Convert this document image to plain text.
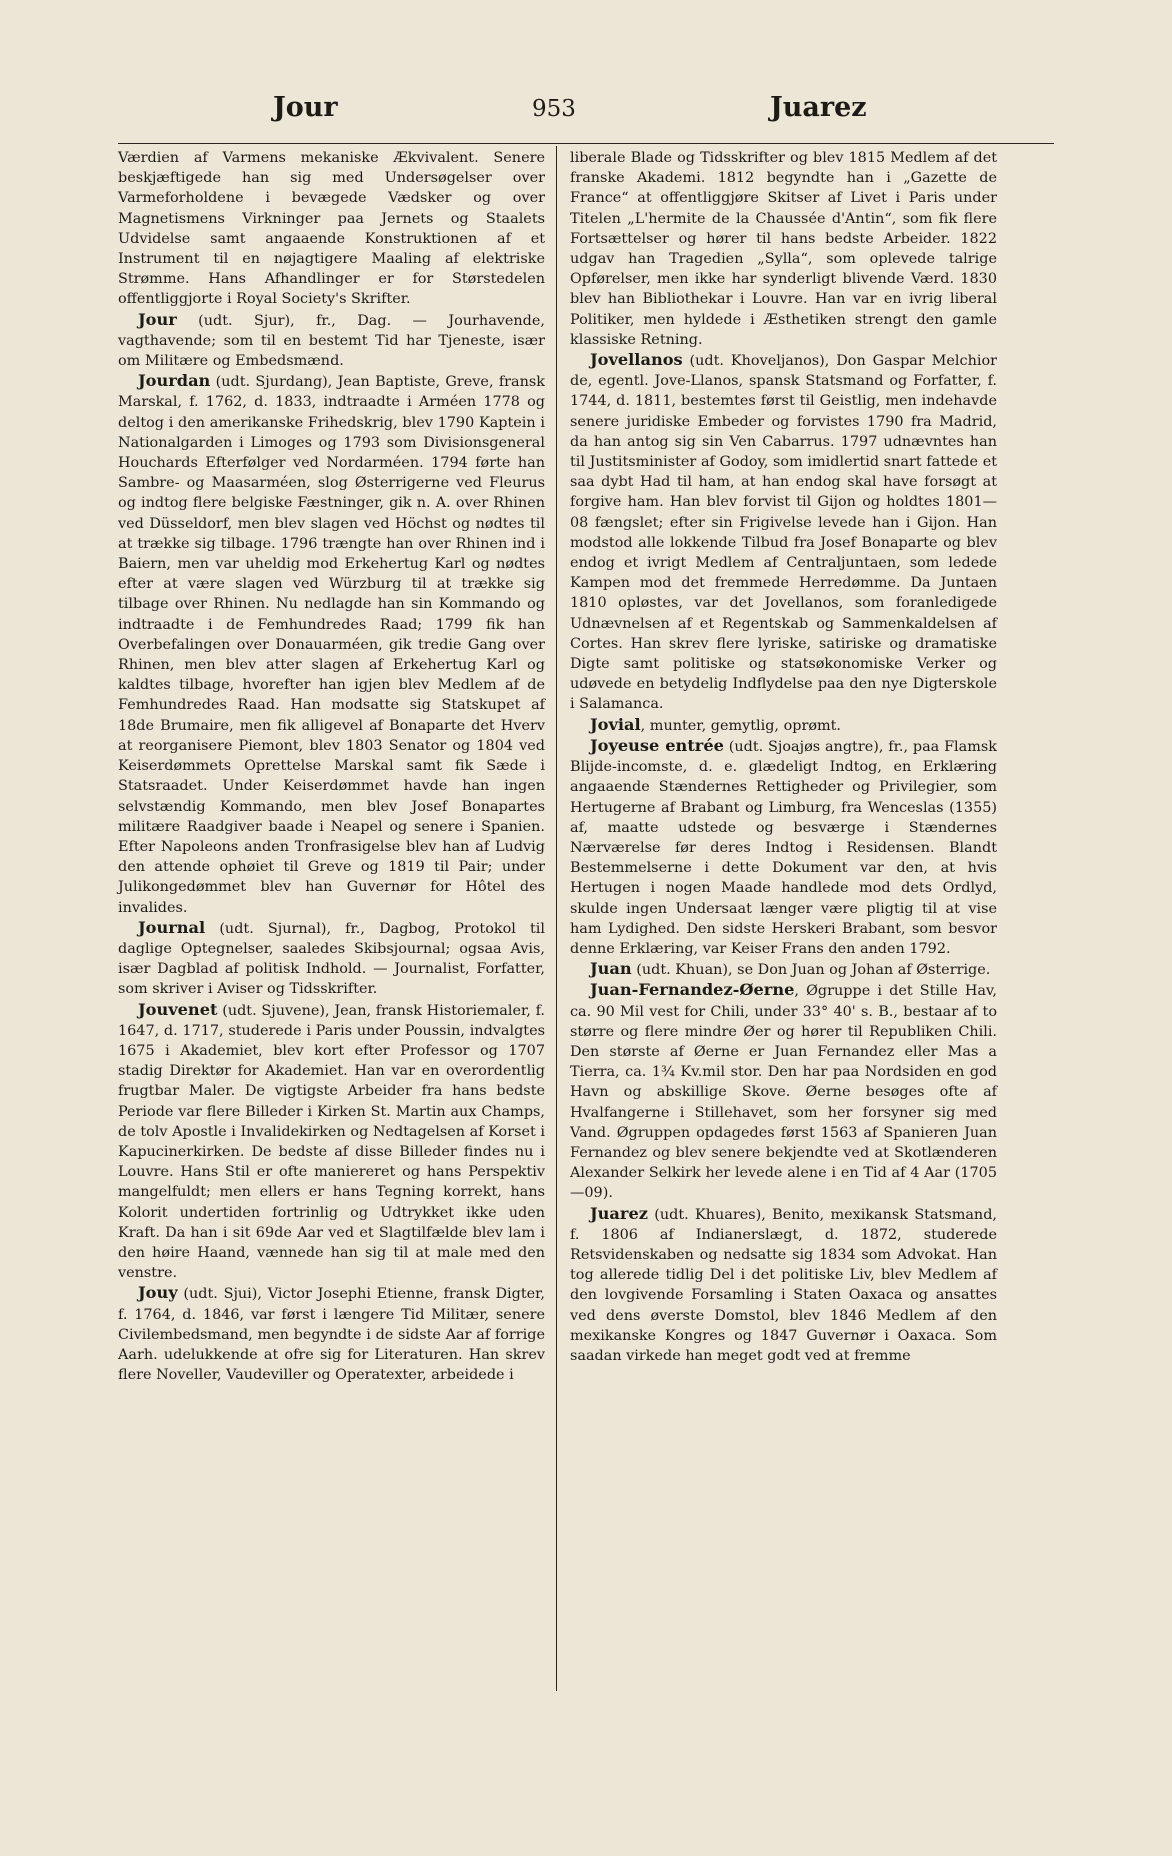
Jour	953	Juarez

Værdien af Varmens mekaniske Ækvivalent. Senere beskjæftigede han sig med Undersøgelser over Varmeforholdene i bevægede Vædsker og over Magnetismens Virkninger paa Jernets og Staalets Udvidelse samt angaaende Konstruktionen af et Instrument til en nøjagtigere Maaling af elektriske Strømme. Hans Afhandlinger er for Størstedelen offentliggjorte i Royal Society's Skrifter.

Jour (udt. Sjur), fr., Dag. — Jourhavende, vagthavende; som til en bestemt Tid har Tjeneste, især om Militære og Embedsmænd.

Jourdan (udt. Sjurdang), Jean Baptiste, Greve, fransk Marskal, f. 1762, d. 1833, indtraadte i Arméen 1778 og deltog i den amerikanske Frihedskrig, blev 1790 Kaptein i Nationalgarden i Limoges og 1793 som Divisionsgeneral Houchards Efterfølger ved Nordarméen. 1794 førte han Sambre- og Maasarméen, slog Østerrigerne ved Fleurus og indtog flere belgiske Fæstninger, gik n. A. over Rhinen ved Düsseldorf, men blev slagen ved Höchst og nødtes til at trække sig tilbage. 1796 trængte han over Rhinen ind i Baiern, men var uheldig mod Erkehertug Karl og nødtes efter at være slagen ved Würzburg til at trække sig tilbage over Rhinen. Nu nedlagde han sin Kommando og indtraadte i de Femhundredes Raad; 1799 fik han Overbefalingen over Donauarméen, gik tredie Gang over Rhinen, men blev atter slagen af Erkehertug Karl og kaldtes tilbage, hvorefter han igjen blev Medlem af de Femhundredes Raad. Han modsatte sig Statskupet af 18de Brumaire, men fik alligevel af Bonaparte det Hverv at reorganisere Piemont, blev 1803 Senator og 1804 ved Keiserdømmets Oprettelse Marskal samt fik Sæde i Statsraadet. Under Keiserdømmet havde han ingen selvstændig Kommando, men blev Josef Bonapartes militære Raadgiver baade i Neapel og senere i Spanien. Efter Napoleons anden Tronfrasigelse blev han af Ludvig den attende ophøiet til Greve og 1819 til Pair; under Julikongedømmet blev han Guvernør for Hôtel des invalides.

Journal (udt. Sjurnal), fr., Dagbog, Protokol til daglige Optegnelser, saaledes Skibsjournal; ogsaa Avis, især Dagblad af politisk Indhold. — Journalist, Forfatter, som skriver i Aviser og Tidsskrifter.

Jouvenet (udt. Sjuvene), Jean, fransk Historiemaler, f. 1647, d. 1717, studerede i Paris under Poussin, indvalgtes 1675 i Akademiet, blev kort efter Professor og 1707 stadig Direktør for Akademiet. Han var en overordentlig frugtbar Maler. De vigtigste Arbeider fra hans bedste Periode var flere Billeder i Kirken St. Martin aux Champs, de tolv Apostle i Invalidekirken og Nedtagelsen af Korset i Kapucinerkirken. De bedste af disse Billeder findes nu i Louvre. Hans Stil er ofte maniereret og hans Perspektiv mangelfuldt; men ellers er hans Tegning korrekt, hans Kolorit undertiden fortrinlig og Udtrykket ikke uden Kraft. Da han i sit 69de Aar ved et Slagtilfælde blev lam i den høire Haand, vænnede han sig til at male med den venstre.

Jouy (udt. Sjui), Victor Josephi Etienne, fransk Digter, f. 1764, d. 1846, var først i længere Tid Militær, senere Civilembedsmand, men begyndte i de sidste Aar af forrige Aarh. udelukkende at ofre sig for Literaturen. Han skrev flere Noveller, Vaudeviller og Operatexter, arbeidede i

liberale Blade og Tidsskrifter og blev 1815 Medlem af det franske Akademi. 1812 begyndte han i „Gazette de France“ at offentliggjøre Skitser af Livet i Paris under Titelen „L'hermite de la Chaussée d'Antin“, som fik flere Fortsættelser og hører til hans bedste Arbeider. 1822 udgav han Tragedien „Sylla“, som oplevede talrige Opførelser, men ikke har synderligt blivende Værd. 1830 blev han Bibliothekar i Louvre. Han var en ivrig liberal Politiker, men hyldede i Æsthetiken strengt den gamle klassiske Retning.

Jovellanos (udt. Khoveljanos), Don Gaspar Melchior de, egentl. Jove-Llanos, spansk Statsmand og Forfatter, f. 1744, d. 1811, bestemtes først til Geistlig, men indehavde senere juridiske Embeder og forvistes 1790 fra Madrid, da han antog sig sin Ven Cabarrus. 1797 udnævntes han til Justitsminister af Godoy, som imidlertid snart fattede et saa dybt Had til ham, at han endog skal have forsøgt at forgive ham. Han blev forvist til Gijon og holdtes 1801—08 fængslet; efter sin Frigivelse levede han i Gijon. Han modstod alle lokkende Tilbud fra Josef Bonaparte og blev endog et ivrigt Medlem af Centraljuntaen, som ledede Kampen mod det fremmede Herredømme. Da Juntaen 1810 opløstes, var det Jovellanos, som foranledigede Udnævnelsen af et Regentskab og Sammenkaldelsen af Cortes. Han skrev flere lyriske, satiriske og dramatiske Digte samt politiske og statsøkonomiske Verker og udøvede en betydelig Indflydelse paa den nye Digterskole i Salamanca.

Jovial, munter, gemytlig, oprømt.

Joyeuse entrée (udt. Sjoajøs angtre), fr., paa Flamsk Blijde-incomste, d. e. glædeligt Indtog, en Erklæring angaaende Stændernes Rettigheder og Privilegier, som Hertugerne af Brabant og Limburg, fra Wenceslas (1355) af, maatte udstede og besværge i Stændernes Nærværelse før deres Indtog i Residensen. Blandt Bestemmelserne i dette Dokument var den, at hvis Hertugen i nogen Maade handlede mod dets Ordlyd, skulde ingen Undersaat længer være pligtig til at vise ham Lydighed. Den sidste Herskeri Brabant, som besvor denne Erklæring, var Keiser Frans den anden 1792.

Juan (udt. Khuan), se Don Juan og Johan af Østerrige.

Juan-Fernandez-Øerne, Øgruppe i det Stille Hav, ca. 90 Mil vest for Chili, under 33° 40' s. B., bestaar af to større og flere mindre Øer og hører til Republiken Chili. Den største af Øerne er Juan Fernandez eller Mas a Tierra, ca. 1¾ Kv.mil stor. Den har paa Nordsiden en god Havn og abskillige Skove. Øerne besøges ofte af Hvalfangerne i Stillehavet, som her forsyner sig med Vand. Øgruppen opdagedes først 1563 af Spanieren Juan Fernandez og blev senere bekjendte ved at Skotlænderen Alexander Selkirk her levede alene i en Tid af 4 Aar (1705—09).

Juarez (udt. Khuares), Benito, mexikansk Statsmand, f. 1806 af Indianerslægt, d. 1872, studerede Retsvidenskaben og nedsatte sig 1834 som Advokat. Han tog allerede tidlig Del i det politiske Liv, blev Medlem af den lovgivende Forsamling i Staten Oaxaca og ansattes ved dens øverste Domstol, blev 1846 Medlem af den mexikanske Kongres og 1847 Guvernør i Oaxaca. Som saadan virkede han meget godt ved at fremme
